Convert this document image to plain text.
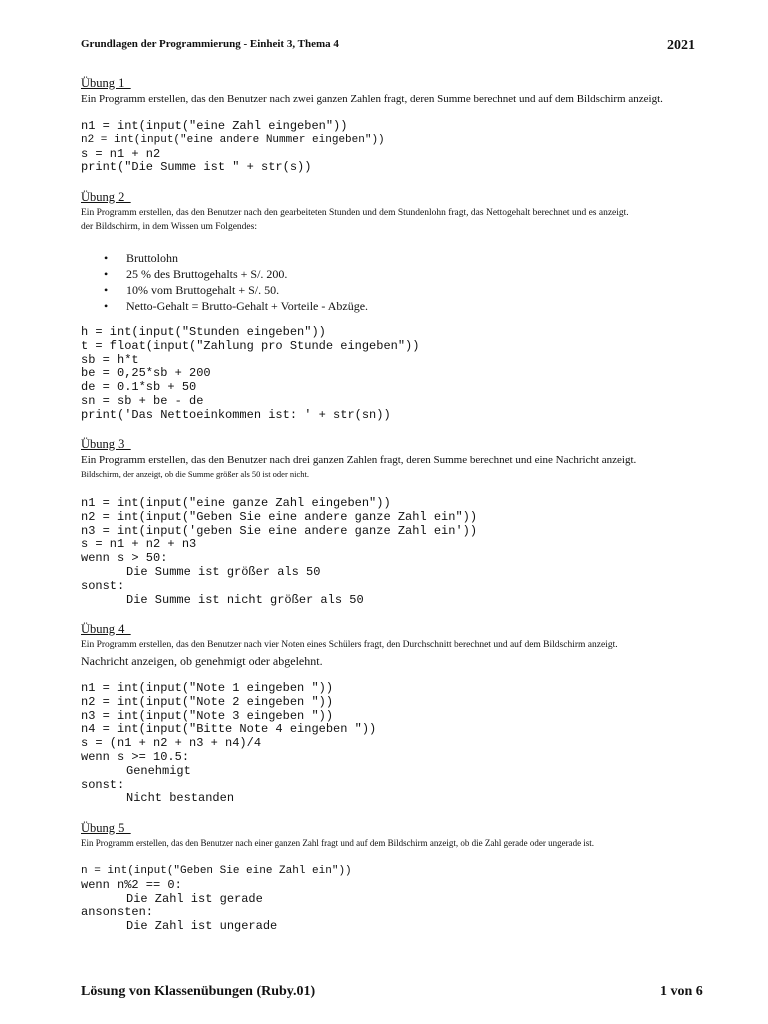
Grundlagen der Programmierung - Einheit 3, Thema 4	2021
Übung 1
Ein Programm erstellen, das den Benutzer nach zwei ganzen Zahlen fragt, deren Summe berechnet und auf dem Bildschirm anzeigt.
n1 = int(input("eine Zahl eingeben"))
n2 = int(input("eine andere Nummer eingeben"))
s = n1 + n2
print("Die Summe ist " + str(s))
Übung 2
Ein Programm erstellen, das den Benutzer nach den gearbeiteten Stunden und dem Stundenlohn fragt, das Nettogehalt berechnet und es anzeigt.
der Bildschirm, in dem Wissen um Folgendes:
• Bruttolohn
• 25 % des Bruttogehalts + S/. 200.
• 10% vom Bruttogehalt + S/. 50.
• Netto-Gehalt = Brutto-Gehalt + Vorteile - Abzüge.
h = int(input("Stunden eingeben"))
t = float(input("Zahlung pro Stunde eingeben"))
sb = h*t
be = 0,25*sb + 200
de = 0.1*sb + 50
sn = sb + be - de
print('Das Nettoeinkommen ist: ' + str(sn))
Übung 3
Ein Programm erstellen, das den Benutzer nach drei ganzen Zahlen fragt, deren Summe berechnet und eine Nachricht anzeigt.
Bildschirm, der anzeigt, ob die Summe größer als 50 ist oder nicht.
n1 = int(input("eine ganze Zahl eingeben"))
n2 = int(input("Geben Sie eine andere ganze Zahl ein"))
n3 = int(input('geben Sie eine andere ganze Zahl ein'))
s = n1 + n2 + n3
wenn s > 50:
Die Summe ist größer als 50
sonst:
Die Summe ist nicht größer als 50
Übung 4
Ein Programm erstellen, das den Benutzer nach vier Noten eines Schülers fragt, den Durchschnitt berechnet und auf dem Bildschirm anzeigt.
Nachricht anzeigen, ob genehmigt oder abgelehnt.
n1 = int(input("Note 1 eingeben "))
n2 = int(input("Note 2 eingeben "))
n3 = int(input("Note 3 eingeben "))
n4 = int(input("Bitte Note 4 eingeben "))
s = (n1 + n2 + n3 + n4)/4
wenn s >= 10.5:
Genehmigt
sonst:
Nicht bestanden
Übung 5
Ein Programm erstellen, das den Benutzer nach einer ganzen Zahl fragt und auf dem Bildschirm anzeigt, ob die Zahl gerade oder ungerade ist.
n = int(input("Geben Sie eine Zahl ein"))
wenn n%2 == 0:
Die Zahl ist gerade
ansonsten:
Die Zahl ist ungerade
Lösung von Klassenübungen (Ruby.01)	1 von 6
